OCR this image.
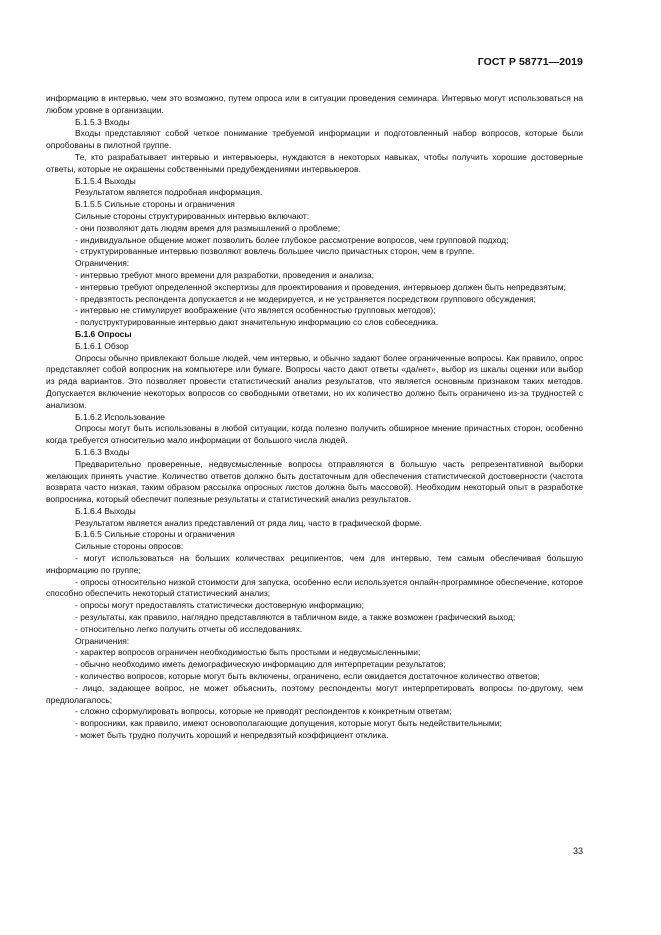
ГОСТ Р 58771—2019

информацию в интервью, чем это возможно, путем опроса или в ситуации проведения семинара. Интервью могут использоваться на любом уровне в организации.

Б.1.5.3 Входы

Входы представляют собой четкое понимание требуемой информации и подготовленный набор вопросов, которые были опробованы в пилотной группе.

Те, кто разрабатывает интервью и интервьюеры, нуждаются в некоторых навыках, чтобы получить хорошие достоверные ответы, которые не окрашены собственными предубеждениями интервьюеров.

Б.1.5.4 Выходы

Результатом является подробная информация.

Б.1.5.5 Сильные стороны и ограничения

Сильные стороны структурированных интервью включают:

- они позволяют дать людям время для размышлений о проблеме;

- индивидуальное общение может позволить более глубокое рассмотрение вопросов, чем групповой подход;

- структурированные интервью позволяют вовлечь большее число причастных сторон, чем в группе.

Ограничения:

- интервью требуют много времени для разработки, проведения и анализа;

- интервью требуют определенной экспертизы для проектирования и проведения, интервьюер должен быть непредвзятым;

- предвзятость респондента допускается и не модерируется, и не устраняется посредством группового обсуждения;

- интервью не стимулирует воображение (что является особенностью групповых методов);

- полуструктурированные интервью дают значительную информацию со слов собеседника.

Б.1.6 Опросы

Б.1.6.1 Обзор

Опросы обычно привлекают больше людей, чем интервью, и обычно задают более ограниченные вопросы. Как правило, опрос представляет собой вопросник на компьютере или бумаге. Вопросы часто дают ответы «да/нет», выбор из шкалы оценки или выбор из ряда вариантов. Это позволяет провести статистический анализ результатов, что является основным признаком таких методов. Допускается включение некоторых вопросов со свободными ответами, но их количество должно быть ограничено из-за трудностей с анализом.

Б.1.6.2 Использование

Опросы могут быть использованы в любой ситуации, когда полезно получить обширное мнение причастных сторон, особенно когда требуется относительно мало информации от большого числа людей.

Б.1.6.3 Входы

Предварительно проверенные, недвусмысленные вопросы отправляются в большую часть репрезентативной выборки желающих принять участие. Количество ответов должно быть достаточным для обеспечения статистической достоверности (частота возврата часто низкая, таким образом рассылка опросных листов должна быть массовой). Необходим некоторый опыт в разработке вопросника, который обеспечит полезные результаты и статистический анализ результатов.

Б.1.6.4 Выходы

Результатом является анализ представлений от ряда лиц, часто в графической форме.

Б.1.6.5 Сильные стороны и ограничения

Сильные стороны опросов:

- могут использоваться на больших количествах реципиентов, чем для интервью, тем самым обеспечивая большую информацию по группе;

- опросы относительно низкой стоимости для запуска, особенно если используется онлайн-программное обеспечение, которое способно обеспечить некоторый статистический анализ;

- опросы могут предоставлять статистически достоверную информацию;

- результаты, как правило, наглядно представляются в табличном виде, а также возможен графический выход;

- относительно легко получить отчеты об исследованиях.

Ограничения:

- характер вопросов ограничен необходимостью быть простыми и недвусмысленными;

- обычно необходимо иметь демографическую информацию для интерпретации результатов;

- количество вопросов, которые могут быть включены, ограничено, если ожидается достаточное количество ответов;

- лицо, задающее вопрос, не может объяснить, поэтому респонденты могут интерпретировать вопросы по-другому, чем предполагалось;

- сложно сформулировать вопросы, которые не приводят респондентов к конкретным ответам;

- вопросники, как правило, имеют основополагающие допущения, которые могут быть недействительными;

- может быть трудно получить хороший и непредвзятый коэффициент отклика.

33
